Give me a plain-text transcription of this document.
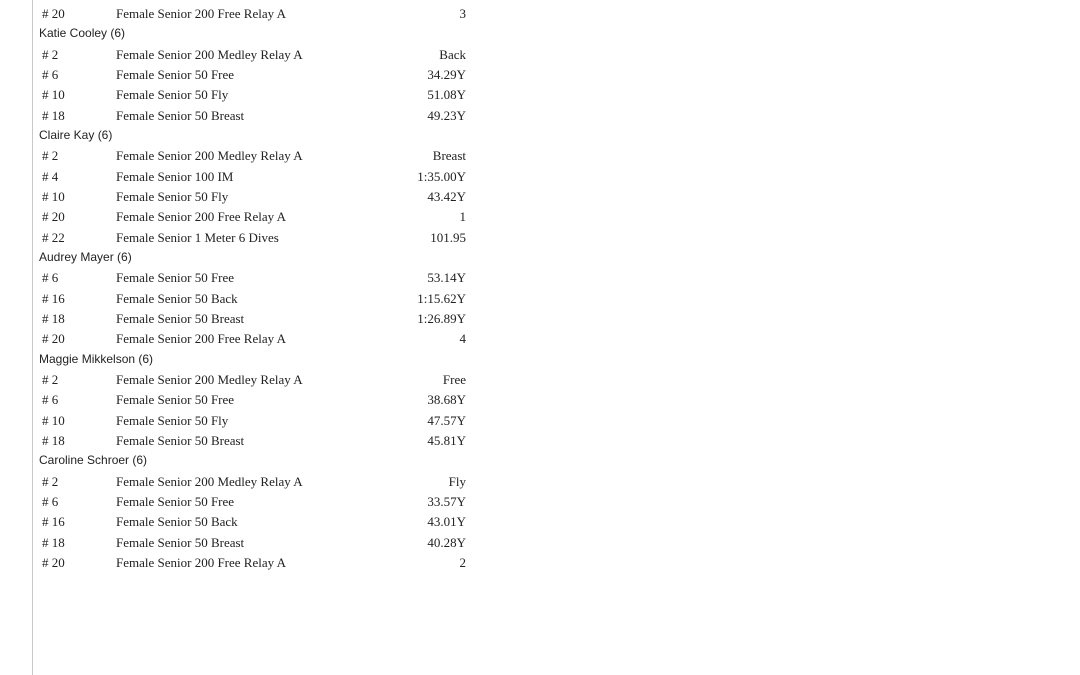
# 20	Female Senior 200 Free Relay A	3
Katie Cooley (6)
# 2	Female Senior 200 Medley Relay A	Back
# 6	Female Senior 50 Free	34.29Y
# 10	Female Senior 50 Fly	51.08Y
# 18	Female Senior 50 Breast	49.23Y
Claire Kay (6)
# 2	Female Senior 200 Medley Relay A	Breast
# 4	Female Senior 100 IM	1:35.00Y
# 10	Female Senior 50 Fly	43.42Y
# 20	Female Senior 200 Free Relay A	1
# 22	Female Senior 1 Meter 6 Dives	101.95
Audrey Mayer (6)
# 6	Female Senior 50 Free	53.14Y
# 16	Female Senior 50 Back	1:15.62Y
# 18	Female Senior 50 Breast	1:26.89Y
# 20	Female Senior 200 Free Relay A	4
Maggie Mikkelson (6)
# 2	Female Senior 200 Medley Relay A	Free
# 6	Female Senior 50 Free	38.68Y
# 10	Female Senior 50 Fly	47.57Y
# 18	Female Senior 50 Breast	45.81Y
Caroline Schroer (6)
# 2	Female Senior 200 Medley Relay A	Fly
# 6	Female Senior 50 Free	33.57Y
# 16	Female Senior 50 Back	43.01Y
# 18	Female Senior 50 Breast	40.28Y
# 20	Female Senior 200 Free Relay A	2
